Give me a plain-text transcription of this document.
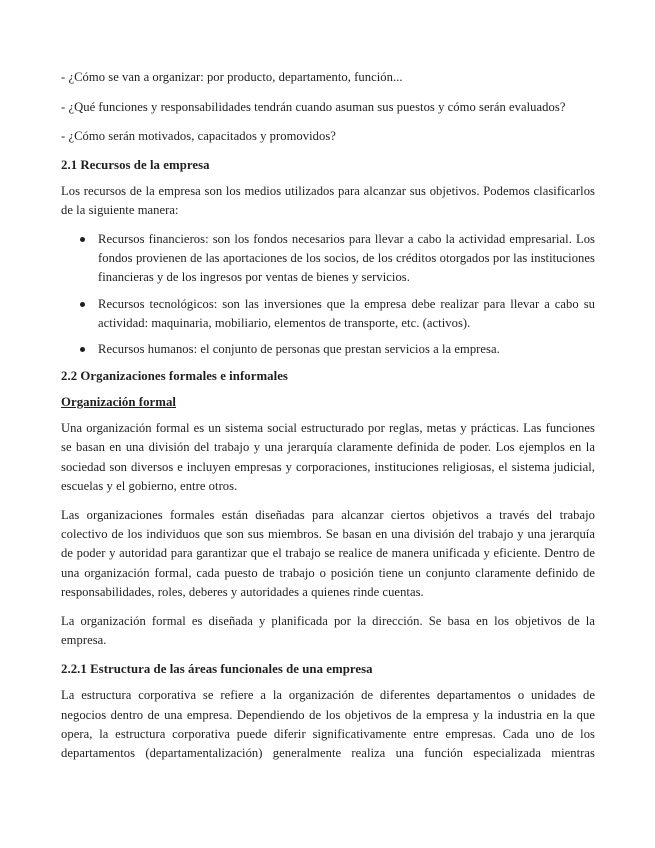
- ¿Cómo se van a organizar: por producto, departamento, función...

- ¿Qué funciones y responsabilidades tendrán cuando asuman sus puestos y cómo serán evaluados?

- ¿Cómo serán motivados, capacitados y promovidos?

2.1 Recursos de la empresa

Los recursos de la empresa son los medios utilizados para alcanzar sus objetivos. Podemos clasificarlos de la siguiente manera:

Recursos financieros: son los fondos necesarios para llevar a cabo la actividad empresarial. Los fondos provienen de las aportaciones de los socios, de los créditos otorgados por las instituciones financieras y de los ingresos por ventas de bienes y servicios.

Recursos tecnológicos: son las inversiones que la empresa debe realizar para llevar a cabo su actividad: maquinaria, mobiliario, elementos de transporte, etc. (activos).

Recursos humanos: el conjunto de personas que prestan servicios a la empresa.

2.2 Organizaciones formales e informales
Organización formal

Una organización formal es un sistema social estructurado por reglas, metas y prácticas. Las funciones se basan en una división del trabajo y una jerarquía claramente definida de poder. Los ejemplos en la sociedad son diversos e incluyen empresas y corporaciones, instituciones religiosas, el sistema judicial, escuelas y el gobierno, entre otros.

Las organizaciones formales están diseñadas para alcanzar ciertos objetivos a través del trabajo colectivo de los individuos que son sus miembros. Se basan en una división del trabajo y una jerarquía de poder y autoridad para garantizar que el trabajo se realice de manera unificada y eficiente. Dentro de una organización formal, cada puesto de trabajo o posición tiene un conjunto claramente definido de responsabilidades, roles, deberes y autoridades a quienes rinde cuentas.

La organización formal es diseñada y planificada por la dirección. Se basa en los objetivos de la empresa.

2.2.1 Estructura de las áreas funcionales de una empresa

La estructura corporativa se refiere a la organización de diferentes departamentos o unidades de negocios dentro de una empresa. Dependiendo de los objetivos de la empresa y la industria en la que opera, la estructura corporativa puede diferir significativamente entre empresas. Cada uno de los departamentos (departamentalización) generalmente realiza una función especializada mientras
